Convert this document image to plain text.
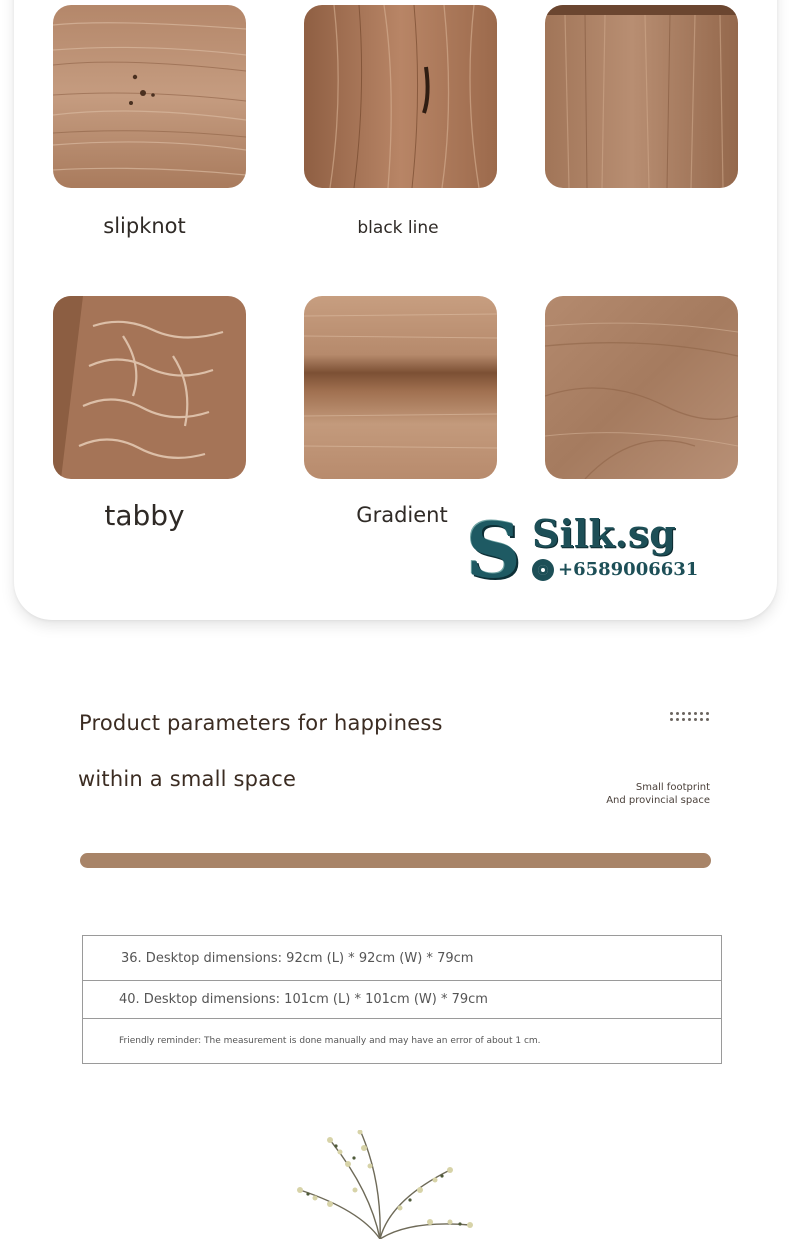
slipknot	black line
tabby	Gradient S Silk.sg
+6589006631
Product parameters for happiness
within a small space	Small footprint
And provincial space
36. Desktop dimensions: 92cm (L) * 92cm (W) * 79cm
40. Desktop dimensions: 101cm (L) * 101cm (W) * 79cm
Friendly reminder: The measurement is done manually and may have an error of about 1 cm.
